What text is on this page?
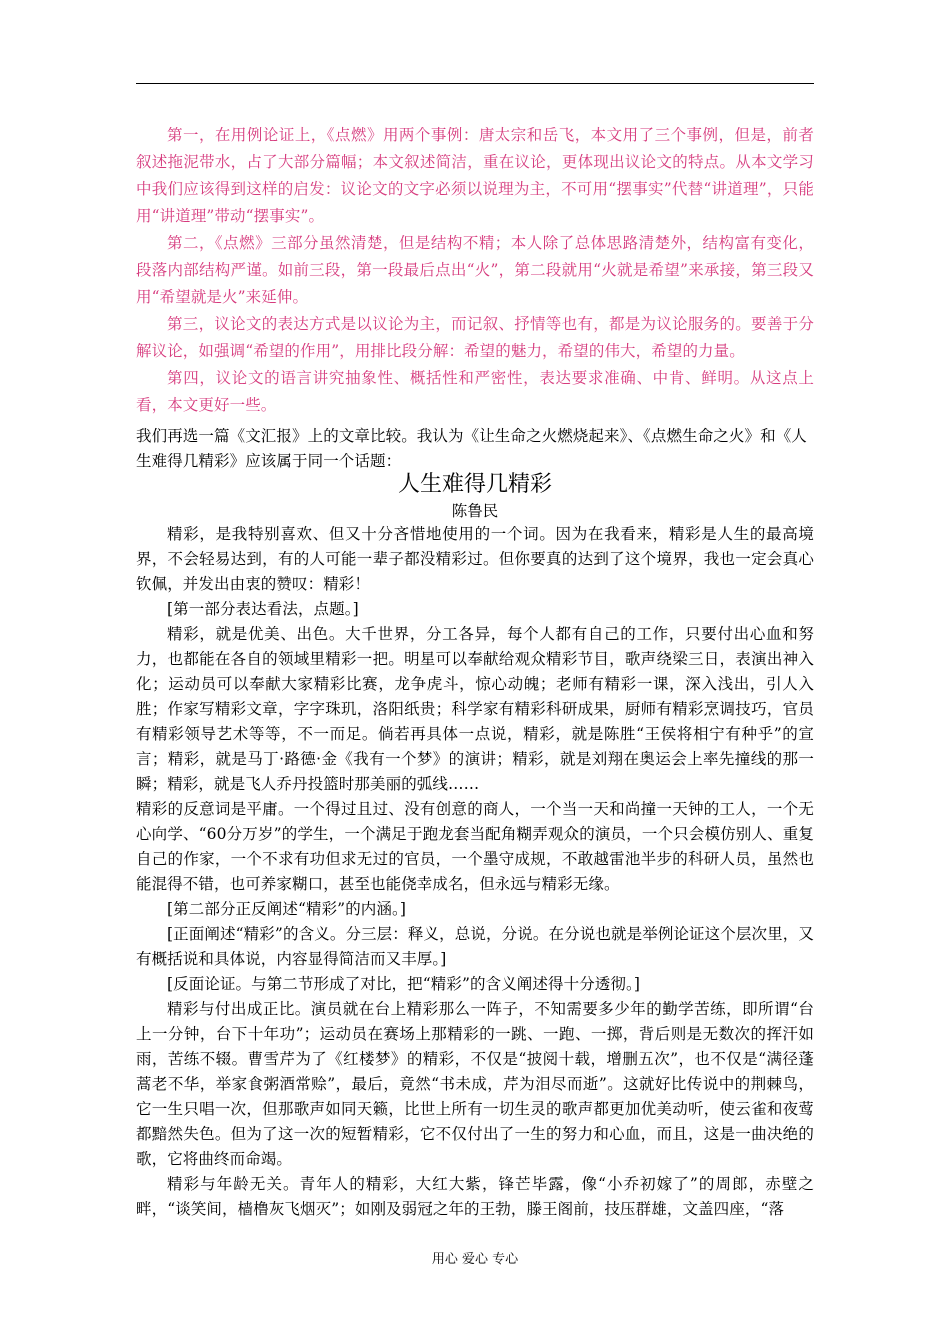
第一，在用例论证上，《点燃》用两个事例：唐太宗和岳飞，本文用了三个事例，但是，前者叙述拖泥带水，占了大部分篇幅；本文叙述简洁，重在议论，更体现出议论文的特点。从本文学习中我们应该得到这样的启发：议论文的文字必须以说理为主，不可用“摆事实”代替“讲道理”，只能用“讲道理”带动“摆事实”。

第二，《点燃》三部分虽然清楚，但是结构不精；本人除了总体思路清楚外，结构富有变化，段落内部结构严谨。如前三段，第一段最后点出“火”，第二段就用“火就是希望”来承接，第三段又用“希望就是火”来延伸。

第三，议论文的表达方式是以议论为主，而记叙、抒情等也有，都是为议论服务的。要善于分解议论，如强调“希望的作用”，用排比段分解：希望的魅力，希望的伟大，希望的力量。

第四，议论文的语言讲究抽象性、概括性和严密性，表达要求准确、中肯、鲜明。从这点上看，本文更好一些。

我们再选一篇《文汇报》上的文章比较。我认为《让生命之火燃烧起来》、《点燃生命之火》和《人生难得几精彩》应该属于同一个话题：

人生难得几精彩

陈鲁民

精彩，是我特别喜欢、但又十分吝惜地使用的一个词。因为在我看来，精彩是人生的最高境界，不会轻易达到，有的人可能一辈子都没精彩过。但你要真的达到了这个境界，我也一定会真心钦佩，并发出由衷的赞叹：精彩！

[第一部分表达看法，点题。]

精彩，就是优美、出色。大千世界，分工各异，每个人都有自己的工作，只要付出心血和努力，也都能在各自的领域里精彩一把。明星可以奉献给观众精彩节目，歌声绕梁三日，表演出神入化；运动员可以奉献大家精彩比赛，龙争虎斗，惊心动魄；老师有精彩一课，深入浅出，引人入胜；作家写精彩文章，字字珠玑，洛阳纸贵；科学家有精彩科研成果，厨师有精彩烹调技巧，官员有精彩领导艺术等等，不一而足。倘若再具体一点说，精彩，就是陈胜“王侯将相宁有种乎”的宣言；精彩，就是马丁·路德·金《我有一个梦》的演讲；精彩，就是刘翔在奥运会上率先撞线的那一瞬；精彩，就是飞人乔丹投篮时那美丽的弧线……

精彩的反意词是平庸。一个得过且过、没有创意的商人，一个当一天和尚撞一天钟的工人，一个无心向学、“60分万岁”的学生，一个满足于跑龙套当配角糊弄观众的演员，一个只会模仿别人、重复自己的作家，一个不求有功但求无过的官员，一个墨守成规，不敢越雷池半步的科研人员，虽然也能混得不错，也可养家糊口，甚至也能侥幸成名，但永远与精彩无缘。

[第二部分正反阐述“精彩”的内涵。]

[正面阐述“精彩”的含义。分三层：释义，总说，分说。在分说也就是举例论证这个层次里，又有概括说和具体说，内容显得简洁而又丰厚。]

[反面论证。与第二节形成了对比，把“精彩”的含义阐述得十分透彻。]

精彩与付出成正比。演员就在台上精彩那么一阵子，不知需要多少年的勤学苦练，即所谓“台上一分钟，台下十年功”；运动员在赛场上那精彩的一跳、一跑、一掷，背后则是无数次的挥汗如雨，苦练不辍。曹雪芹为了《红楼梦》的精彩，不仅是“披阅十载，增删五次”，也不仅是“满径蓬蒿老不华，举家食粥酒常赊”，最后，竟然“书未成，芹为泪尽而逝”。这就好比传说中的荆棘鸟，它一生只唱一次，但那歌声如同天籁，比世上所有一切生灵的歌声都更加优美动听，使云雀和夜莺都黯然失色。但为了这一次的短暂精彩，它不仅付出了一生的努力和心血，而且，这是一曲决绝的歌，它将曲终而命竭。

精彩与年龄无关。青年人的精彩，大红大紫，锋芒毕露，像“小乔初嫁了”的周郎，赤壁之畔，“谈笑间，樯橹灰飞烟灭”；如刚及弱冠之年的王勃，滕王阁前，技压群雄，文盖四座，“落

用心 爱心 专心
